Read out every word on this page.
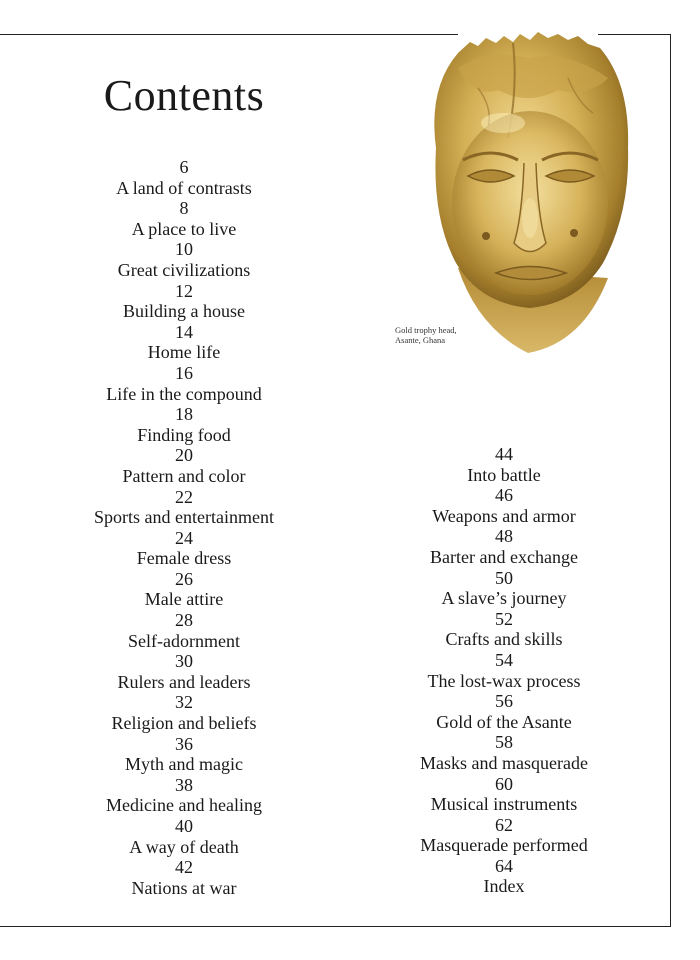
Contents
6
A land of contrasts
8
A place to live
10
Great civilizations
12
Building a house
14
Home life
16
Life in the compound
18
Finding food
20
Pattern and color
22
Sports and entertainment
24
Female dress
26
Male attire
28
Self-adornment
30
Rulers and leaders
32
Religion and beliefs
36
Myth and magic
38
Medicine and healing
40
A way of death
42
Nations at war
44
Into battle
46
Weapons and armor
48
Barter and exchange
50
A slave’s journey
52
Crafts and skills
54
The lost-wax process
56
Gold of the Asante
58
Masks and masquerade
60
Musical instruments
62
Masquerade performed
64
Index
Gold trophy head,
Asante, Ghana
